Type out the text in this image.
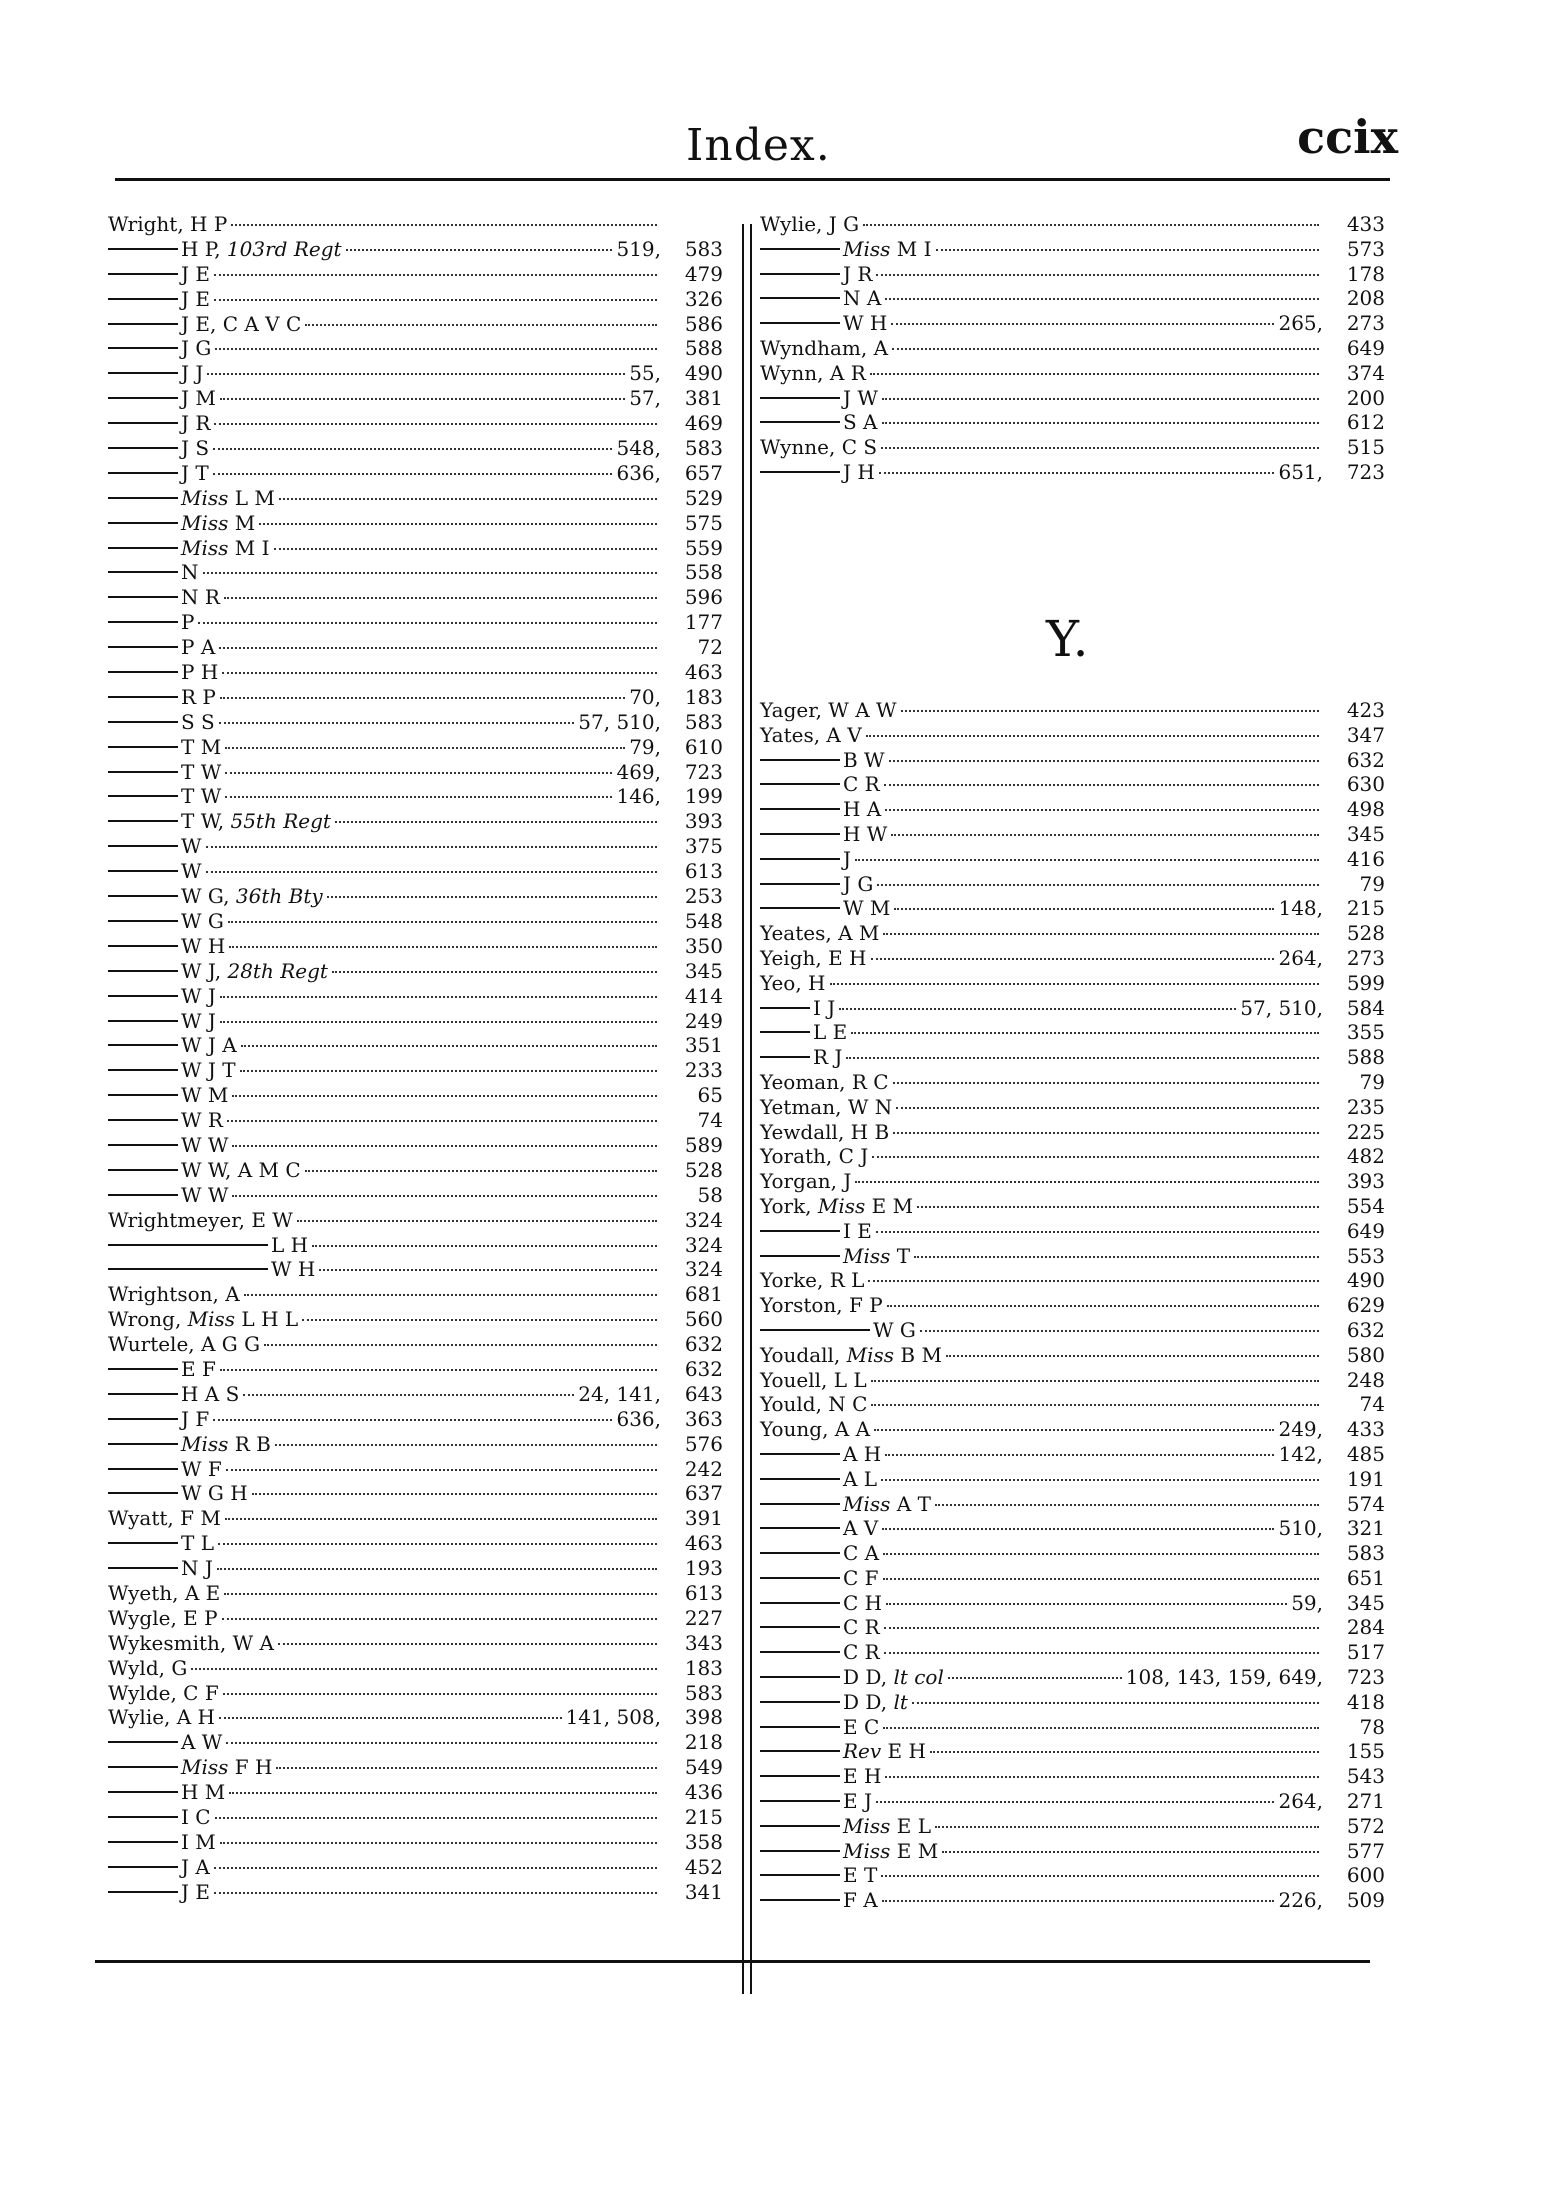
Index.	ccix
Wright, H P
H P, 103rd Regt	519,	583
J E	479
J E	326
J E, C A V C	586
J G	588
J J	55,	490
J M	57,	381
J R	469
J S	548,	583
J T	636,	657
Miss L M	529
Miss M	575
Miss M I	559
N	558
N R	596
P	177
P A	72
P H	463
R P	70,	183
S S	57, 510,	583
T M	79,	610
T W	469,	723
T W	146,	199
T W, 55th Regt	393
W	375
W	613
W G, 36th Bty	253
W G	548
W H	350
W J, 28th Regt	345
W J	414
W J	249
W J A	351
W J T	233
W M	65
W R	74
W W	589
W W, A M C	528
W W	58
Wrightmeyer, E W	324
L H	324
W H	324
Wrightson, A	681
Wrong, Miss L H L	560
Wurtele, A G G	632
E F	632
H A S	24, 141,	643
J F	636,	363
Miss R B	576
W F	242
W G H	637
Wyatt, F M	391
T L	463
N J	193
Wyeth, A E	613
Wygle, E P	227
Wykesmith, W A	343
Wyld, G	183
Wylde, C F	583
Wylie, A H	141, 508,	398
A W	218
Miss F H	549
H M	436
I C	215
I M	358
J A	452
J E	341
Wylie, J G	433
Miss M I	573
J R	178
N A	208
W H	265,	273
Wyndham, A	649
Wynn, A R	374
J W	200
S A	612
Wynne, C S	515
J H	651,	723
Y.
Yager, W A W	423
Yates, A V	347
B W	632
C R	630
H A	498
H W	345
J	416
J G	79
W M	148,	215
Yeates, A M	528
Yeigh, E H	264,	273
Yeo, H	599
I J	57, 510,	584
L E	355
R J	588
Yeoman, R C	79
Yetman, W N	235
Yewdall, H B	225
Yorath, C J	482
Yorgan, J	393
York, Miss E M	554
I E	649
Miss T	553
Yorke, R L	490
Yorston, F P	629
W G	632
Youdall, Miss B M	580
Youell, L L	248
Yould, N C	74
Young, A A	249,	433
A H	142,	485
A L	191
Miss A T	574
A V	510,	321
C A	583
C F	651
C H	59,	345
C R	284
C R	517
D D, lt col	108, 143, 159, 649,	723
D D, lt	418
E C	78
Rev E H	155
E H	543
E J	264,	271
Miss E L	572
Miss E M	577
E T	600
F A	226,	509
